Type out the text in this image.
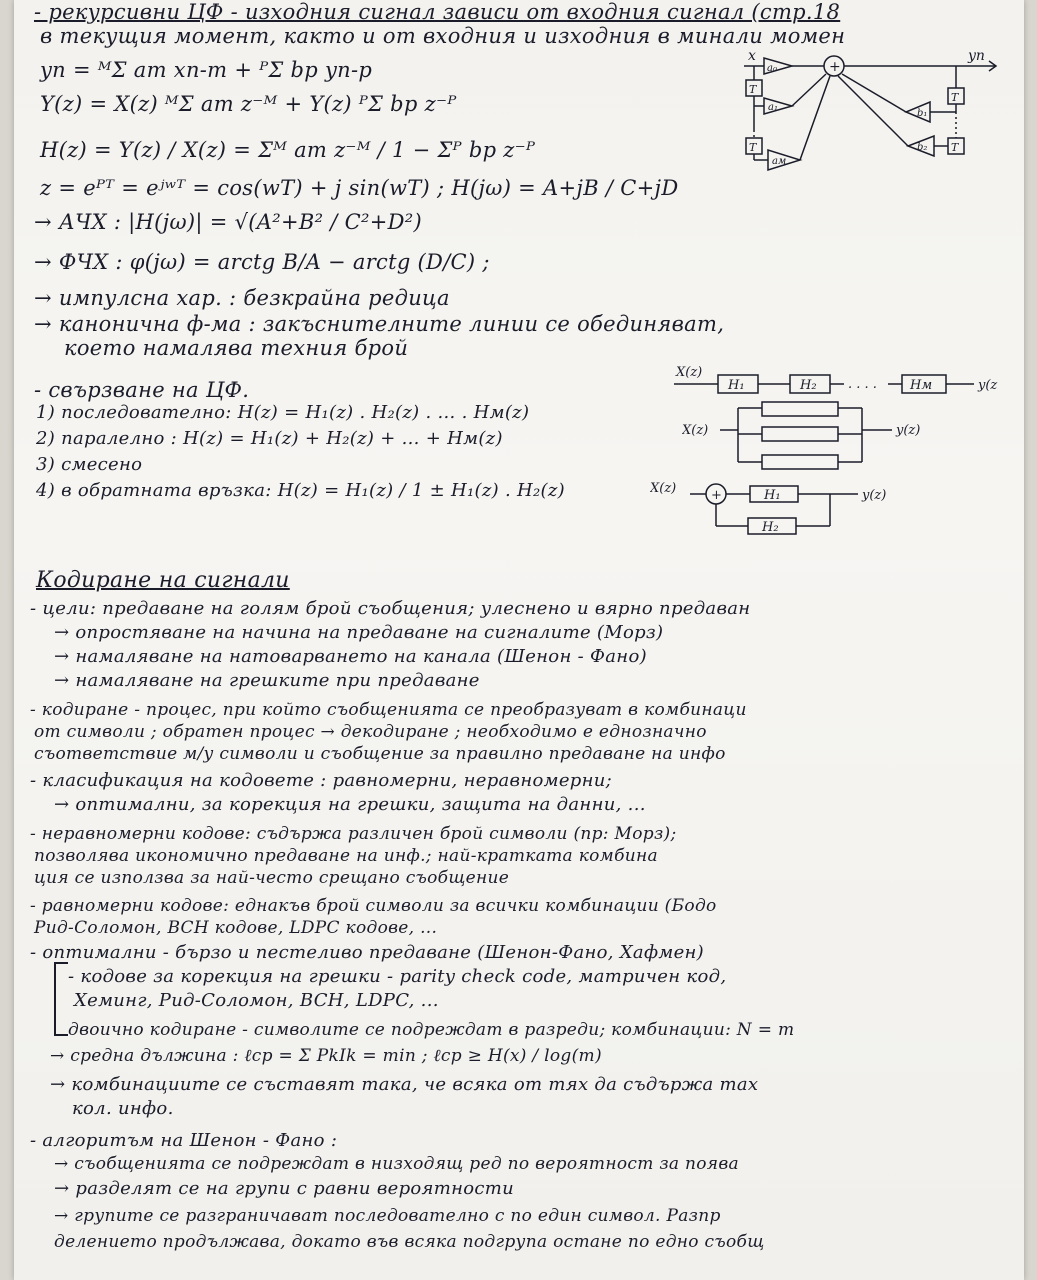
- рекурсивни ЦФ - изходния сигнал зависи от входния сигнал (стр.18
в текущия момент, както и от входния и изходния в минали момен
yn = ᴹΣ am xn-m + ᴾΣ bp yn-p
Y(z) = X(z) ᴹΣ am z⁻ᴹ + Y(z) ᴾΣ bp z⁻ᴾ
H(z) = Y(z) / X(z) = Σᴹ am z⁻ᴹ / 1 − Σᴾ bp z⁻ᴾ
z = eᴾᵀ = eʲʷᵀ = cos(wT) + j sin(wT) ; H(jω) = A+jB / C+jD
→ АЧХ : |H(jω)| = √(A²+B² / C²+D²)
→ ФЧХ : φ(jω) = arctg B/A − arctg (D/C) ;
→ импулсна хар. : безкрайна редица
→ канонична ф-ма : закъснителните линии се обединяват,
което намалява техния брой
x	yn
+
a₀
T
a₁
T
aм
T
b₁
T
b₂
- свързване на ЦФ.
1) последователно: H(z) = H₁(z) . H₂(z) . ... . Hм(z)
2) паралелно : H(z) = H₁(z) + H₂(z) + ... + Hм(z)
3) смесено
4) в обратната връзка: H(z) = H₁(z) / 1 ± H₁(z) . H₂(z)
X(z)
H₁	H₂ . . . .	Hм	y(z
X(z)	y(z)
X(z)	+	H₁
H₂
y(z)
Кодиране на сигнали
- цели: предаване на голям брой съобщения; улеснено и вярно предаван
→ опростяване на начина на предаване на сигналите (Морз)
→ намаляване на натоварването на канала (Шенон - Фано)
→ намаляване на грешките при предаване
- кодиране - процес, при който съобщенията се преобразуват в комбинаци
от символи ; обратен процес → декодиране ; необходимо е еднозначно
съответствие м/у символи и съобщение за правилно предаване на инфо
- класификация на кодовете : равномерни, неравномерни;
→ оптимални, за корекция на грешки, защита на данни, ...
- неравномерни кодове: съдържа различен брой символи (пр: Морз);
позволява икономично предаване на инф.; най-кратката комбина
ция се използва за най-често срещано съобщение
- равномерни кодове: еднакъв брой символи за всички комбинации (Бодо
Рид-Соломон, BCH кодове, LDPC кодове, ...
- оптимални - бързо и пестеливо предаване (Шенон-Фано, Хафмен)
- кодове за корекция на грешки - parity check code, матричен код,
Хеминг, Рид-Соломон, BCH, LDPC, ...
двоично кодиране - символите се подреждат в разреди; комбинации: N = m
→ средна дължина : ℓср = Σ PkIk = min ; ℓср ≥ H(x) / log(m)
→ комбинациите се съставят така, че всяка от тях да съдържа max
кол. инфо.
- алгоритъм на Шенон - Фано :
→ съобщенията се подреждат в низходящ ред по вероятност за поява
→ разделят се на групи с равни вероятности
→ групите се разграничават последователно с по един символ. Разпр
делението продължава, докато във всяка подгрупа остане по едно съобщ
